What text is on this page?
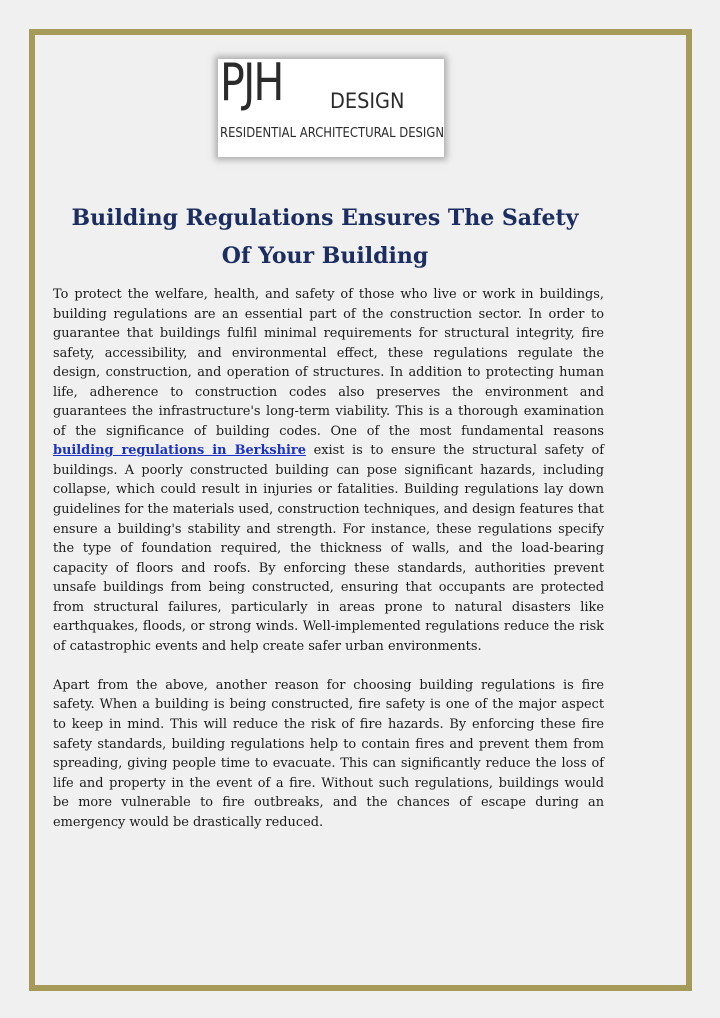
PJH DESIGN
RESIDENTIAL ARCHITECTURAL DESIGN
Building Regulations Ensures The Safety Of Your Building

To protect the welfare, health, and safety of those who live or work in buildings, building regulations are an essential part of the construction sector. In order to guarantee that buildings fulfil minimal requirements for structural integrity, fire safety, accessibility, and environmental effect, these regulations regulate the design, construction, and operation of structures. In addition to protecting human life, adherence to construction codes also preserves the environment and guarantees the infrastructure's long-term viability. This is a thorough examination of the significance of building codes. One of the most fundamental reasons building regulations in Berkshire exist is to ensure the structural safety of buildings. A poorly constructed building can pose significant hazards, including collapse, which could result in injuries or fatalities. Building regulations lay down guidelines for the materials used, construction techniques, and design features that ensure a building's stability and strength. For instance, these regulations specify the type of foundation required, the thickness of walls, and the load-bearing capacity of floors and roofs. By enforcing these standards, authorities prevent unsafe buildings from being constructed, ensuring that occupants are protected from structural failures, particularly in areas prone to natural disasters like earthquakes, floods, or strong winds. Well-implemented regulations reduce the risk of catastrophic events and help create safer urban environments.

Apart from the above, another reason for choosing building regulations is fire safety. When a building is being constructed, fire safety is one of the major aspect to keep in mind. This will reduce the risk of fire hazards. By enforcing these fire safety standards, building regulations help to contain fires and prevent them from spreading, giving people time to evacuate. This can significantly reduce the loss of life and property in the event of a fire. Without such regulations, buildings would be more vulnerable to fire outbreaks, and the chances of escape during an emergency would be drastically reduced.
